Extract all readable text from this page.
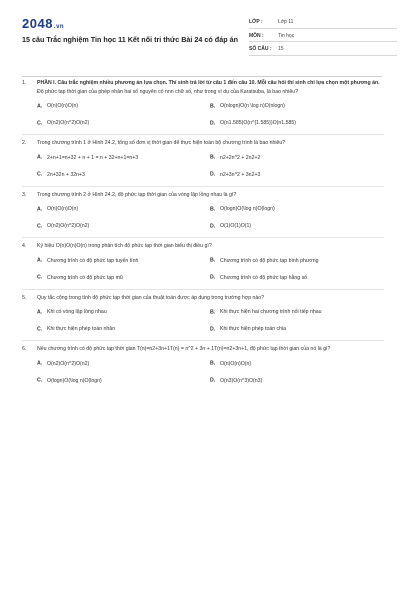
2048.vn
15 câu Trắc nghiệm Tin học 11 Kết nối tri thức Bài 24 có đáp án
LỚP :	Lớp 11
MÔN :	Tin học
SỐ CÂU : 15
1. PHẦN I. Câu trắc nghiệm nhiều phương án lựa chọn. Thí sinh trả lời từ câu 1 đến câu 10. Mỗi câu hỏi thí sinh chỉ lựa chọn một phương án.
Độ phức tạp thời gian của phép nhân hai số nguyên có nnn chữ số, như trong ví dụ của Karatsuba, là bao nhiêu?
A. O(n)O(n)O(n)	B. O(nlogn)O(n \log n)O(nlogn)
C. O(n2)O(n^2)O(n2)	D. O(n1.585)O(n^{1.585})O(n1.585)
2. Trong chương trình 1 ở Hình 24.2, tổng số đơn vị thời gian để thực hiện toàn bộ chương trình là bao nhiêu?
A. 2+n+1=n+32 + n + 1 = n + 32+n+1=n+3	B. n2+2n^2 + 2n2+2
C. 2n+32n + 32n+3	D. n2+3n^2 + 3n2+3
3. Trong chương trình 2 ở Hình 24.2, độ phức tạp thời gian của vòng lặp lồng nhau là gì?
A. O(n)O(n)O(n)	B. O(logn)O(\log n)O(logn)
C. O(n2)O(n^2)O(n2)	D. O(1)O(1)O(1)
4. Ký hiệu O(n)O(n)O(n) trong phân tích độ phức tạp thời gian biểu thị điều gì?
A. Chương trình có độ phức tạp tuyến tính	B. Chương trình có độ phức tạp bình phương
C. Chương trình có độ phức tạp mũ	D. Chương trình có độ phức tạp hằng số
5. Quy tắc cộng trong tính độ phức tạp thời gian của thuật toán được áp dụng trong trường hợp nào?
A. Khi có vòng lặp lồng nhau	B. Khi thực hiện hai chương trình nối tiếp nhau
C. Khi thực hiện phép toán nhân	D. Khi thực hiện phép toán chia
6. Nếu chương trình có độ phức tạp thời gian T(n)=n2+3n+1T(n) = n^2 + 3n + 1T(n)=n2+3n+1, độ phức tạp thời gian của nó là gì?
A. O(n2)O(n^2)O(n2)	B. O(n)O(n)O(n)
C. O(logn)O(\log n)O(logn)	D. O(n3)O(n^3)O(n3)
